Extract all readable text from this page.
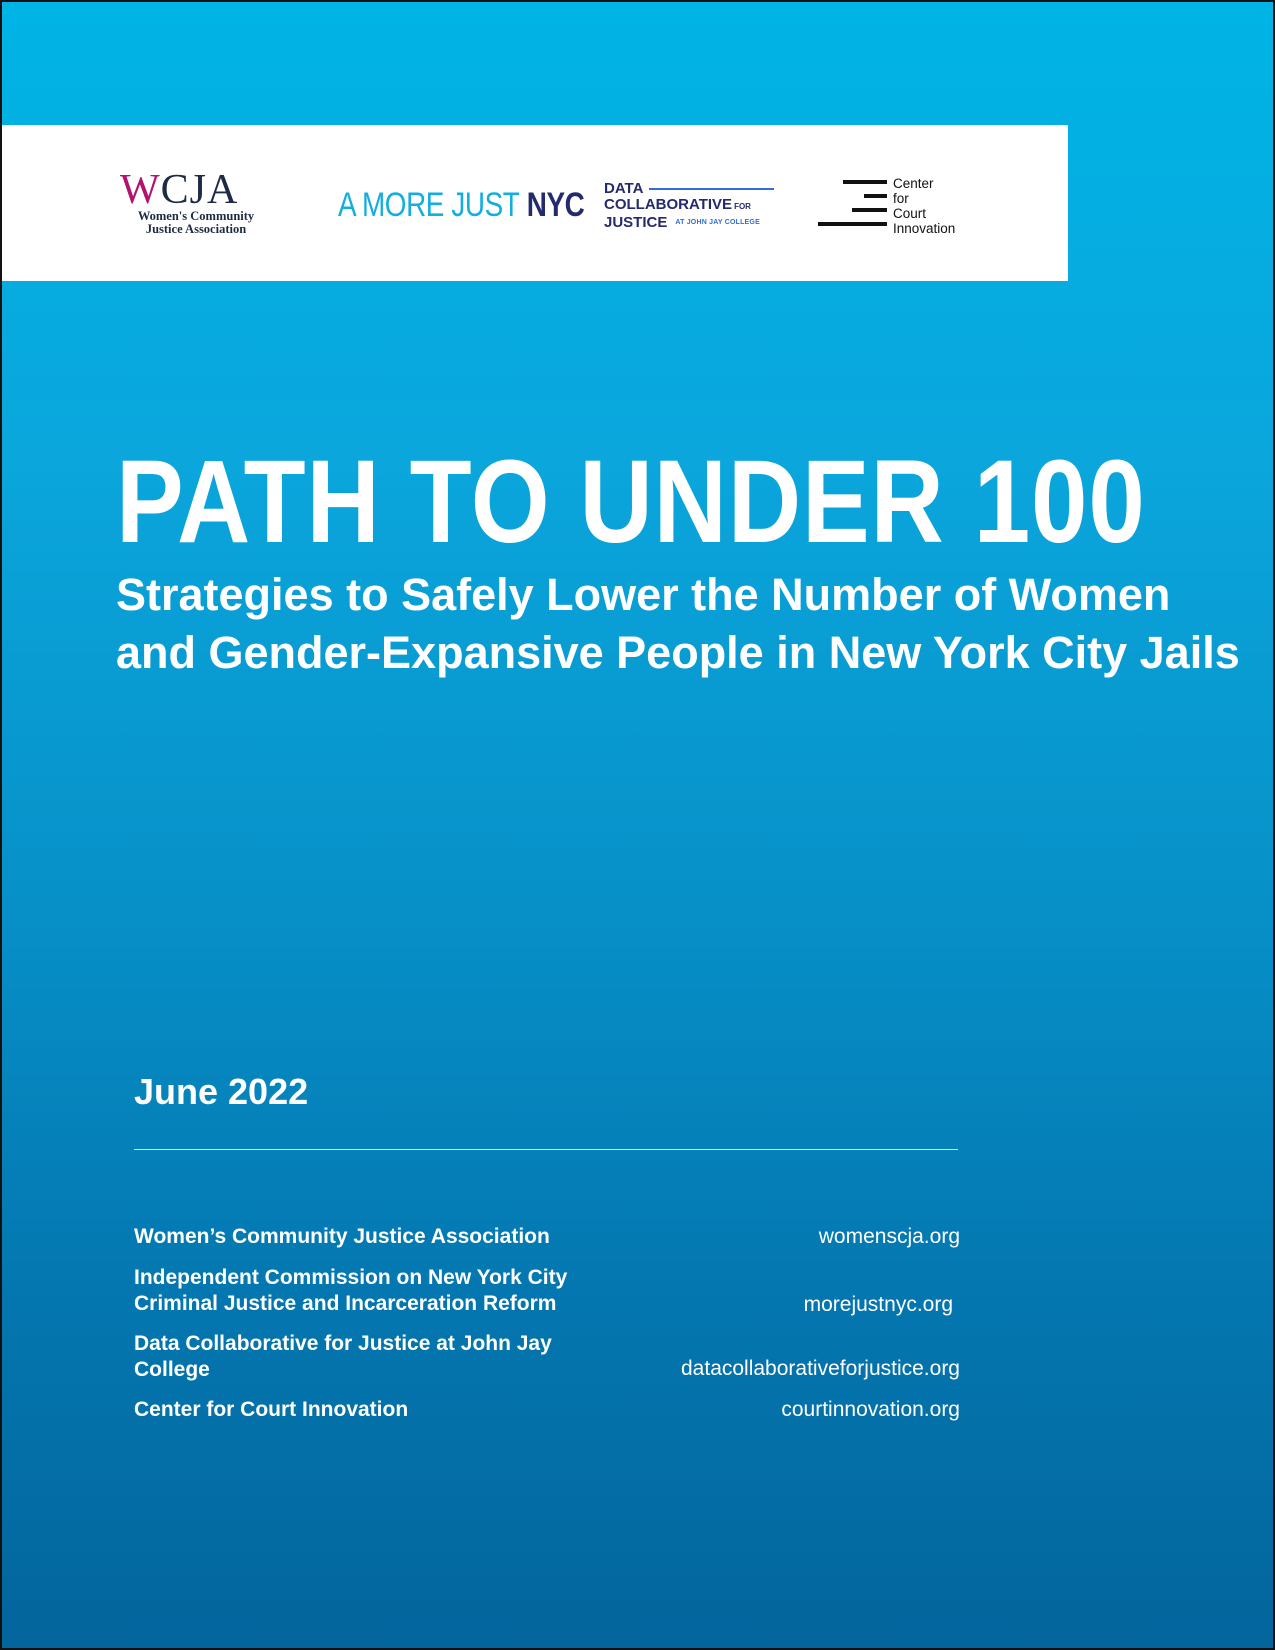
WCJA
Women's Community
Justice Association
A MORE JUST NYC DATA
COLLABORATIVE FOR
JUSTICE AT JOHN JAY COLLEGE
Center
for
Court
Innovation
PATH TO UNDER 100
Strategies to Safely Lower the Number of Women and Gender-Expansive People in New York City Jails
June 2022
Women’s Community Justice Association	womenscja.org
Independent Commission on New York City Criminal Justice and Incarceration Reform	morejustnyc.org
Data Collaborative for Justice at John Jay College	datacollaborativeforjustice.org
Center for Court Innovation	courtinnovation.org
